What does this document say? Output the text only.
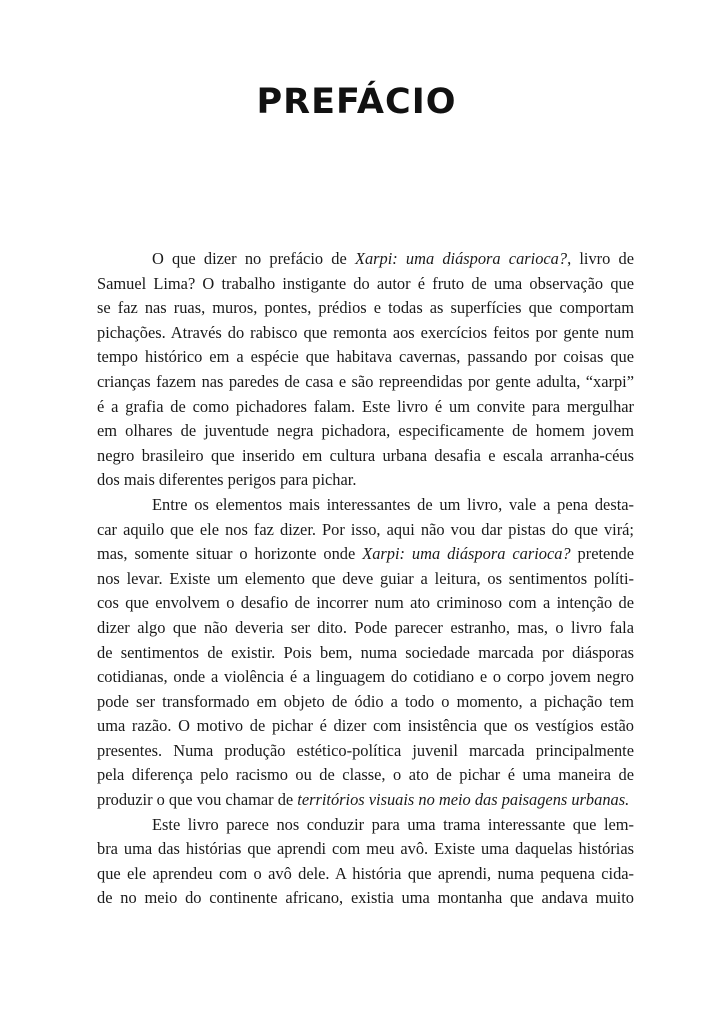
PREFÁCIO
O que dizer no prefácio de Xarpi: uma diáspora carioca?, livro de
Samuel Lima? O trabalho instigante do autor é fruto de uma observação que
se faz nas ruas, muros, pontes, prédios e todas as superfícies que comportam
pichações. Através do rabisco que remonta aos exercícios feitos por gente num
tempo histórico em a espécie que habitava cavernas, passando por coisas que
crianças fazem nas paredes de casa e são repreendidas por gente adulta, “xarpi”
é a grafia de como pichadores falam. Este livro é um convite para mergulhar
em olhares de juventude negra pichadora, especificamente de homem jovem
negro brasileiro que inserido em cultura urbana desafia e escala arranha-céus
dos mais diferentes perigos para pichar.
Entre os elementos mais interessantes de um livro, vale a pena desta-
car aquilo que ele nos faz dizer. Por isso, aqui não vou dar pistas do que virá;
mas, somente situar o horizonte onde Xarpi: uma diáspora carioca? pretende
nos levar. Existe um elemento que deve guiar a leitura, os sentimentos políti-
cos que envolvem o desafio de incorrer num ato criminoso com a intenção de
dizer algo que não deveria ser dito. Pode parecer estranho, mas, o livro fala
de sentimentos de existir. Pois bem, numa sociedade marcada por diásporas
cotidianas, onde a violência é a linguagem do cotidiano e o corpo jovem negro
pode ser transformado em objeto de ódio a todo o momento, a pichação tem
uma razão. O motivo de pichar é dizer com insistência que os vestígios estão
presentes. Numa produção estético-política juvenil marcada principalmente
pela diferença pelo racismo ou de classe, o ato de pichar é uma maneira de
produzir o que vou chamar de territórios visuais no meio das paisagens urbanas.
Este livro parece nos conduzir para uma trama interessante que lem-
bra uma das histórias que aprendi com meu avô. Existe uma daquelas histórias
que ele aprendeu com o avô dele. A história que aprendi, numa pequena cida-
de no meio do continente africano, existia uma montanha que andava muito
